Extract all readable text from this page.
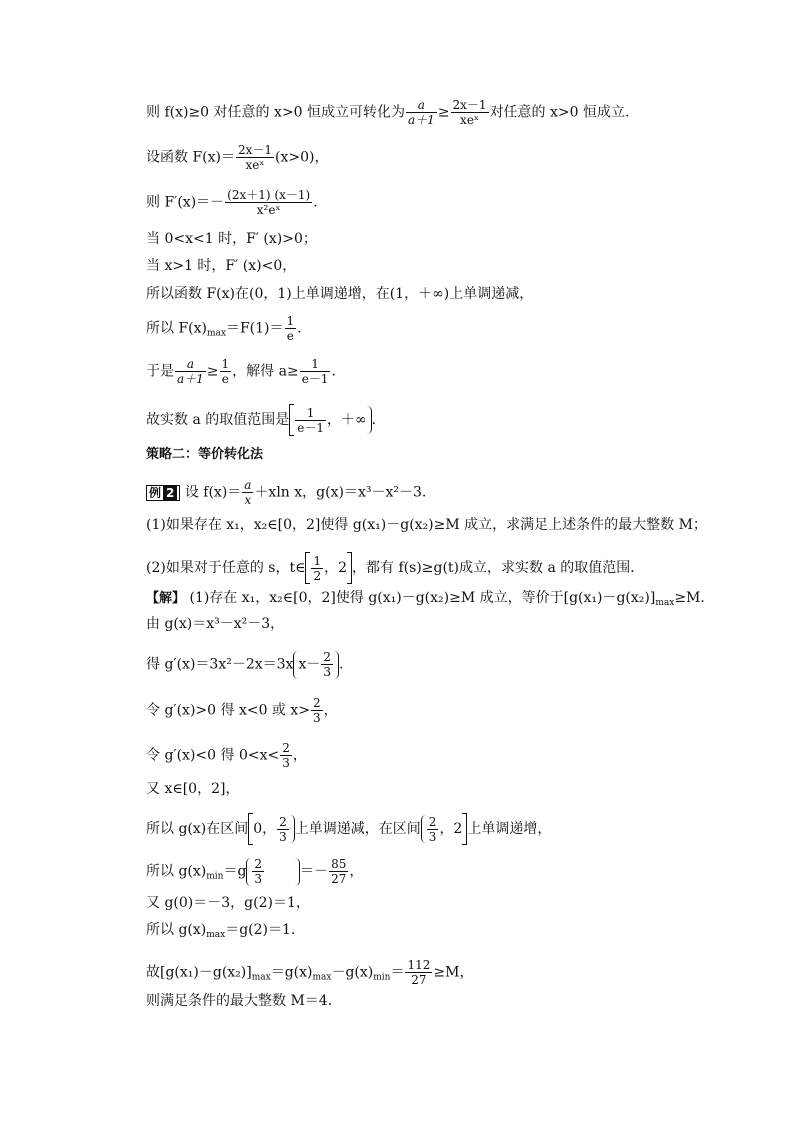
则 f(x)≥0 对任意的 x>0 恒成立可转化为 $\frac{a}{a+1} \ge \frac{2x-1}{\text{xeˣ}}$ 对任意的 x>0 恒成立．
设函数 $F(x)= \frac{2x-1}{\text{xeˣ}} (x>0)$，
则 $F'(x)=- \frac{(2x+1) (x-1)}{\text{x²eˣ}}$ .
当 0<x<1 时，F′ (x)>0；
当 x>1 时，F′ (x)<0，
所以函数 F(x)在(0，1)上单调递增，在(1，＋∞)上单调递减，
所以 $F(x)_{max}=F(1)= \frac{1}{e}$ .
于是 $\frac{a}{a+1} \ge \frac{1}{e}$ ，解得 $a\ge \frac{1}{e-1}$ .
故实数 a 的取值范围是 $\frac{1}{e-1}$ ，＋∞ .
策略二：等价转化法
例 2 设 $f(x)= \frac{a}{x} +xln$ x，g(x)＝x³－x²－3.
(1)如果存在 x₁，x₂∈[0，2]使得 g(x₁)－g(x₂)≥M 成立，求满足上述条件的最大整数 M；
(2)如果对于任意的 s，t∈ $\frac{1}{2}$ ，2 ，都有 f(s)≥g(t)成立，求实数 a 的取值范围．
【解】 (1)存在 x₁，x₂∈[0，2]使得 g(x₁)－g(x₂)≥M 成立，等价于$[g(x_1)-g(x_2)]_{max}\ge M$.
由 g(x)＝x³－x²－3，
得 g′(x)＝3x²－2x＝3x $x- \frac{2}{3}$ .
令 g′(x)>0 得 x<0 或 $x> \frac{2}{3}$ ，
令 g′(x)<0 得 $0<x< \frac{2}{3}$ ，
又 x∈[0，2]，
所以 g(x)在区间 0， $\frac{2}{3}$ 上单调递减，在区间 $\frac{2}{3}$ ，2 上单调递增，
所以 $g(x)_{min}=g \frac{2}{3}$	＝－ $\frac{85}{27}$ ，
又 g(0)＝－3，g(2)＝1，
所以 $g(x)_{max}=g(2)=1$.
故$[g(x_1)-g(x_2)]_{max}=g(x)_{max}-g(x)_{min}= \frac{112}{27} \ge M$，
则满足条件的最大整数 M＝4.
